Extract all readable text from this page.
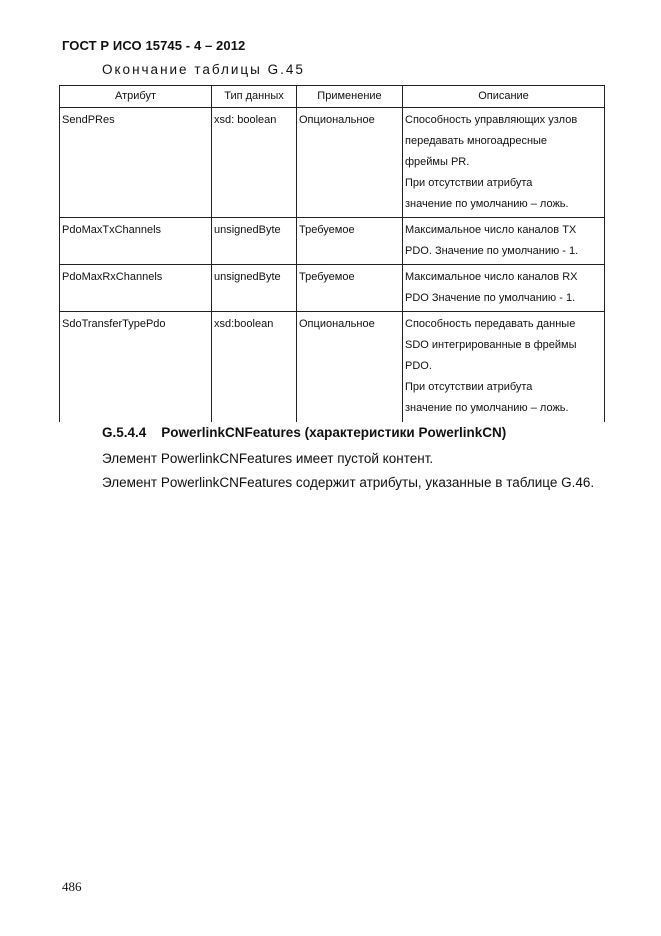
ГОСТ Р ИСО 15745 - 4 – 2012
Окончание таблицы G.45
Атрибут	Тип данных	Применение	Описание
SendPRes	xsd: boolean	Опциональное	Способность управляющих узлов
передавать многоадресные
фреймы PR.
При отсутствии атрибута
значение по умолчанию – ложь.

PdoMaxTxChannels	unsignedByte	Требуемое	Максимальное число каналов TX
PDO. Значение по умолчанию - 1.

PdoMaxRxChannels	unsignedByte	Требуемое	Максимальное число каналов RX
PDO Значение по умолчанию - 1.

SdoTransferTypePdo	xsd:boolean	Опциональное	Способность передавать данные
SDO интегрированные в фреймы
PDO.
При отсутствии атрибута
значение по умолчанию – ложь.
G.5.4.4 PowerlinkCNFeatures (характеристики PowerlinkCN)
Элемент PowerlinkCNFeatures имеет пустой контент.
Элемент PowerlinkCNFeatures содержит атрибуты, указанные в таблице G.46.
486
